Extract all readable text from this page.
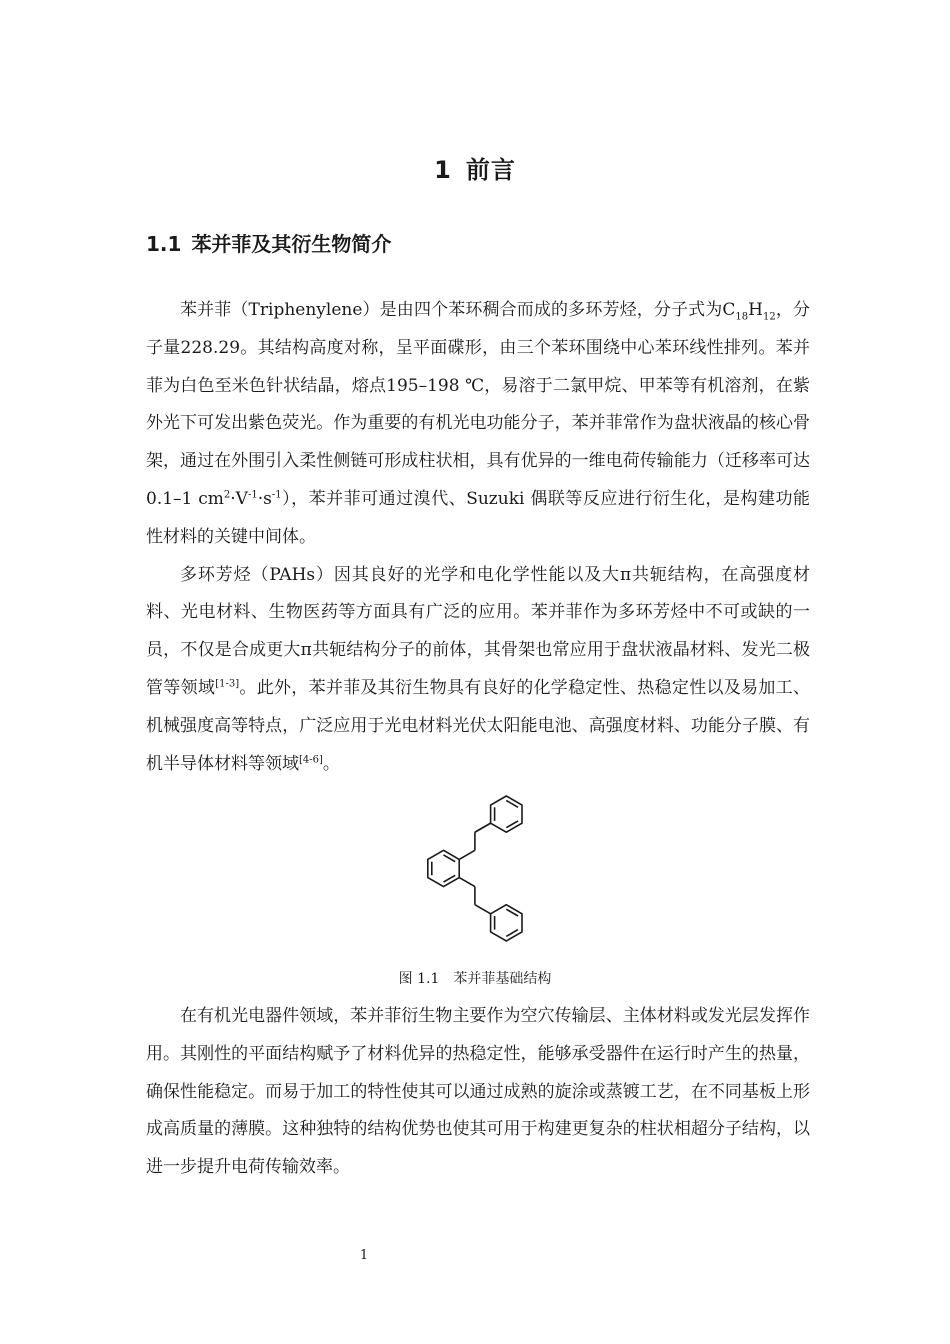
1 前言
1.1 苯并菲及其衍生物简介

苯并菲（Triphenylene）是由四个苯环稠合而成的多环芳烃，分子式为$C_{18}H_{12}$，分子量228.29。其结构高度对称，呈平面碟形，由三个苯环围绕中心苯环线性排列。苯并菲为白色至米色针状结晶，熔点195–198 ℃，易溶于二氯甲烷、甲苯等有机溶剂，在紫外光下可发出紫色荧光。作为重要的有机光电功能分子，苯并菲常作为盘状液晶的核心骨架，通过在外围引入柔性侧链可形成柱状相，具有优异的一维电荷传输能力（迁移率可达0.1–1 $cm^2\cdot V^{-1}\cdot s^{-1}$），苯并菲可通过溴代、Suzuki 偶联等反应进行衍生化，是构建功能性材料的关键中间体。

多环芳烃（PAHs）因其良好的光学和电化学性能以及大π共轭结构，在高强度材料、光电材料、生物医药等方面具有广泛的应用。苯并菲作为多环芳烃中不可或缺的一员，不仅是合成更大π共轭结构分子的前体，其骨架也常应用于盘状液晶材料、发光二极管等领域[1-3]。此外，苯并菲及其衍生物具有良好的化学稳定性、热稳定性以及易加工、机械强度高等特点，广泛应用于光电材料光伏太阳能电池、高强度材料、功能分子膜、有机半导体材料等领域[4-6]。

图 1.1 苯并菲基础结构

在有机光电器件领域，苯并菲衍生物主要作为空穴传输层、主体材料或发光层发挥作用。其刚性的平面结构赋予了材料优异的热稳定性，能够承受器件在运行时产生的热量，确保性能稳定。而易于加工的特性使其可以通过成熟的旋涂或蒸镀工艺，在不同基板上形成高质量的薄膜。这种独特的结构优势也使其可用于构建更复杂的柱状相超分子结构，以进一步提升电荷传输效率。

1
